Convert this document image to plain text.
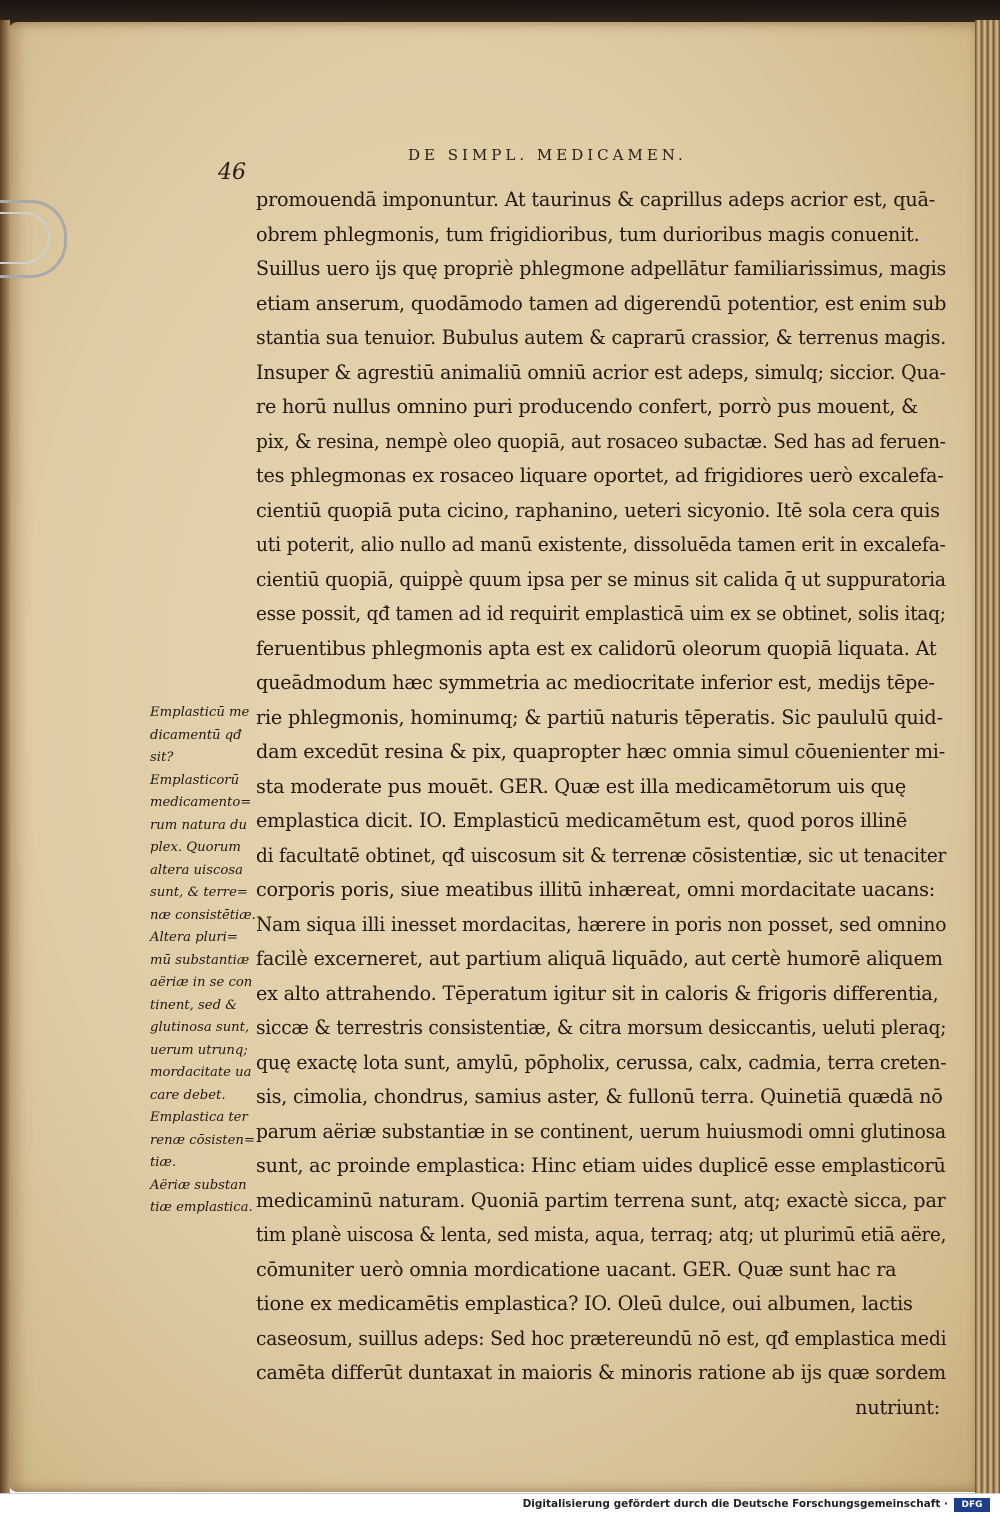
46
DE SIMPL. MEDICAMEN.
promouendā imponuntur. At taurinus & caprillus adeps acrior est, quā-
obrem phlegmonis, tum frigidioribus, tum durioribus magis conuenit.
Suillus uero ijs quę propriè phlegmone adpellātur familiarissimus, magis
etiam anserum, quodāmodo tamen ad digerendū potentior, est enim sub
stantia sua tenuior. Bubulus autem & caprarū crassior, & terrenus magis.
Insuper & agrestiū animaliū omniū acrior est adeps, simulq; siccior. Qua-
re horū nullus omnino puri producendo confert, porrò pus mouent, &
pix, & resina, nempè oleo quopiā, aut rosaceo subactæ. Sed has ad feruen-
tes phlegmonas ex rosaceo liquare oportet, ad frigidiores uerò excalefa-
cientiū quopiā puta cicino, raphanino, ueteri sicyonio. Itē sola cera quis
uti poterit, alio nullo ad manū existente, dissoluēda tamen erit in excalefa-
cientiū quopiā, quippè quum ipsa per se minus sit calida q̄ ut suppuratoria
esse possit, qđ tamen ad id requirit emplasticā uim ex se obtinet, solis itaq;
feruentibus phlegmonis apta est ex calidorū oleorum quopiā liquata. At
queādmodum hæc symmetria ac mediocritate inferior est, medijs tēpe-
rie phlegmonis, hominumq; & partiū naturis tēperatis. Sic paululū quid-
dam excedūt resina & pix, quapropter hæc omnia simul cōuenienter mi-
sta moderate pus mouēt. GER. Quæ est illa medicamētorum uis quę
emplastica dicit. IO. Emplasticū medicamētum est, quod poros illinē
di facultatē obtinet, qđ uiscosum sit & terrenæ cōsistentiæ, sic ut tenaciter
corporis poris, siue meatibus illitū inhæreat, omni mordacitate uacans:
Nam siqua illi inesset mordacitas, hærere in poris non posset, sed omnino
facilè excerneret, aut partium aliquā liquādo, aut certè humorē aliquem
ex alto attrahendo. Tēperatum igitur sit in caloris & frigoris differentia,
siccæ & terrestris consistentiæ, & citra morsum desiccantis, ueluti pleraq;
quę exactę lota sunt, amylū, pōpholix, cerussa, calx, cadmia, terra creten-
sis, cimolia, chondrus, samius aster, & fullonū terra. Quinetiā quædā nō
parum aëriæ substantiæ in se continent, uerum huiusmodi omni glutinosa
sunt, ac proinde emplastica: Hinc etiam uides duplicē esse emplasticorū
medicaminū naturam. Quoniā partim terrena sunt, atq; exactè sicca, par
tim planè uiscosa & lenta, sed mista, aqua, terraq; atq; ut plurimū etiā aëre,
cōmuniter uerò omnia mordicatione uacant. GER. Quæ sunt hac ra
tione ex medicamētis emplastica? IO. Oleū dulce, oui albumen, lactis
caseosum, suillus adeps: Sed hoc prætereundū nō est, qđ emplastica medi
camēta differūt duntaxat in maioris & minoris ratione ab ijs quæ sordem
nutriunt:
Emplasticū me
dicamentū qđ
sit?
Emplasticorū
medicamento=
rum natura du
plex. Quorum
altera uiscosa
sunt, & terre=
næ consistētiæ.
Altera pluri=
mū substantiæ
aëriæ in se con
tinent, sed &
glutinosa sunt,
uerum utrunq;
mordacitate ua
care debet.
Emplastica ter
renæ cōsisten=
tiæ.
Aëriæ substan
tiæ emplastica.
Digitalisierung gefördert durch die Deutsche Forschungsgemeinschaft ·	DFG
